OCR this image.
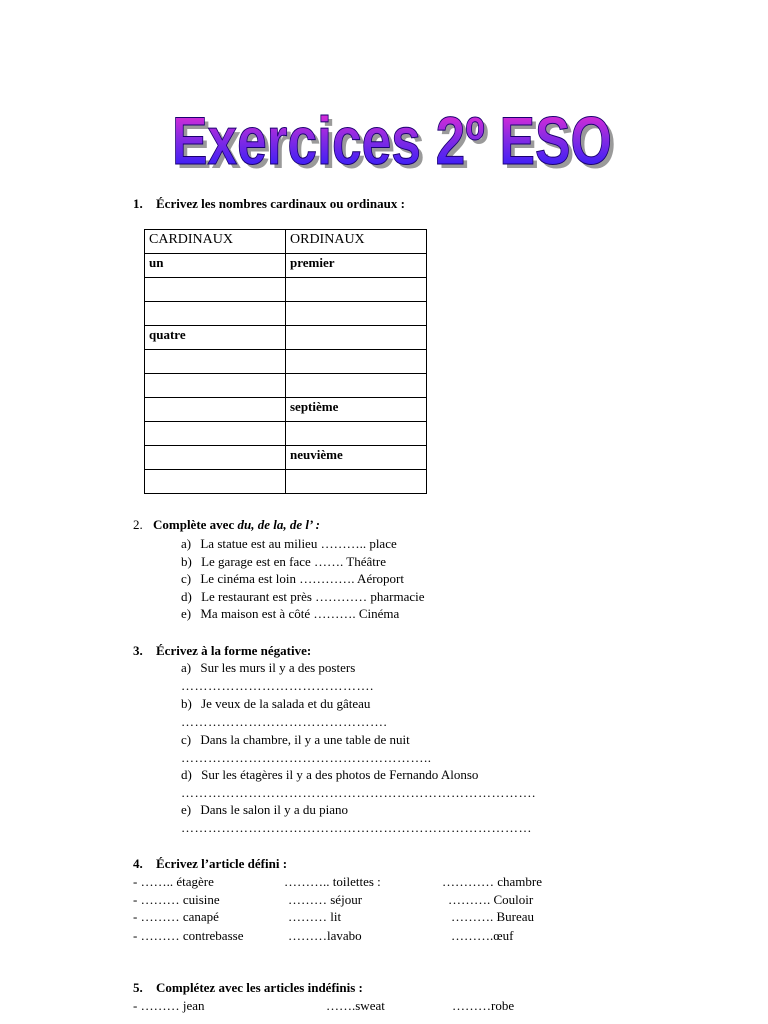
Exercices 2º ESO
Exercices 2º ESO
1. Écrivez les nombres cardinaux ou ordinaux :
CARDINAUX	ORDINAUX
un	premier

quatre	

	septième

	neuvième

2. Complète avec du, de la, de l’ :
a) La statue est au milieu ……….. place
b) Le garage est en face ……. Théâtre
c) Le cinéma est loin …………. Aéroport
d) Le restaurant est près ………… pharmacie
e) Ma maison est à côté ………. Cinéma
3. Écrivez à la forme négative:
a) Sur les murs il y a des posters
…………………………………….
b) Je veux de la salada et du gâteau
……………………………………….
c) Dans la chambre, il y a une table de nuit
………………………………………………..
d) Sur les étagères il y a des photos de Fernando Alonso
…………………………………………………………………….
e) Dans le salon il y a du piano
……………………………………………………………………
4. Écrivez l’article défini :
- …….. étagère	……….. toilettes :	………… chambre
- ……… cuisine	……… séjour	………. Couloir
- ……… canapé	……… lit	………. Bureau
- ……… contrebasse	………lavabo	……….œuf
5. Complétez avec les articles indéfinis :
- ……… jean	…….sweat	………robe
